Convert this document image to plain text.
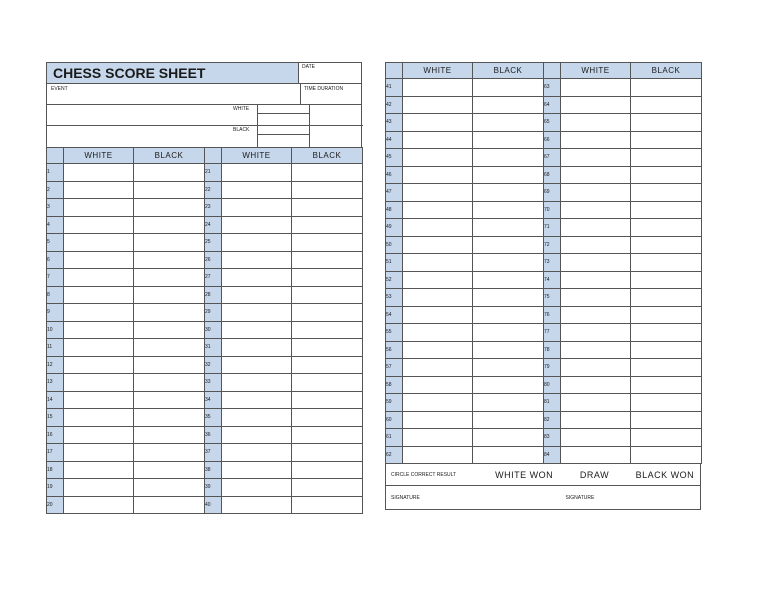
CHESS SCORE SHEET	DATE
EVENT	TIME DURATION
WHITE
BLACK
	WHITE	BLACK		WHITE	BLACK
1			21		
2			22		
3			23		
4			24		
5			25		
6			26		
7			27		
8			28		
9			29		
10			30		
11			31		
12			32		
13			33		
14			34		
15			35		
16			36		
17			37		
18			38		
19			39		
20			40		
	WHITE	BLACK		WHITE	BLACK
41			63		
42			64		
43			65		
44			66		
45			67		
46			68		
47			69		
48			70		
49			71		
50			72		
51			73		
52			74		
53			75		
54			76		
55			77		
56			78		
57			79		
58			80		
59			81		
60			82		
61			83		
62			84		
CIRCLE CORRECT RESULT	WHITE WON	DRAW	BLACK WON
SIGNATURE	SIGNATURE
